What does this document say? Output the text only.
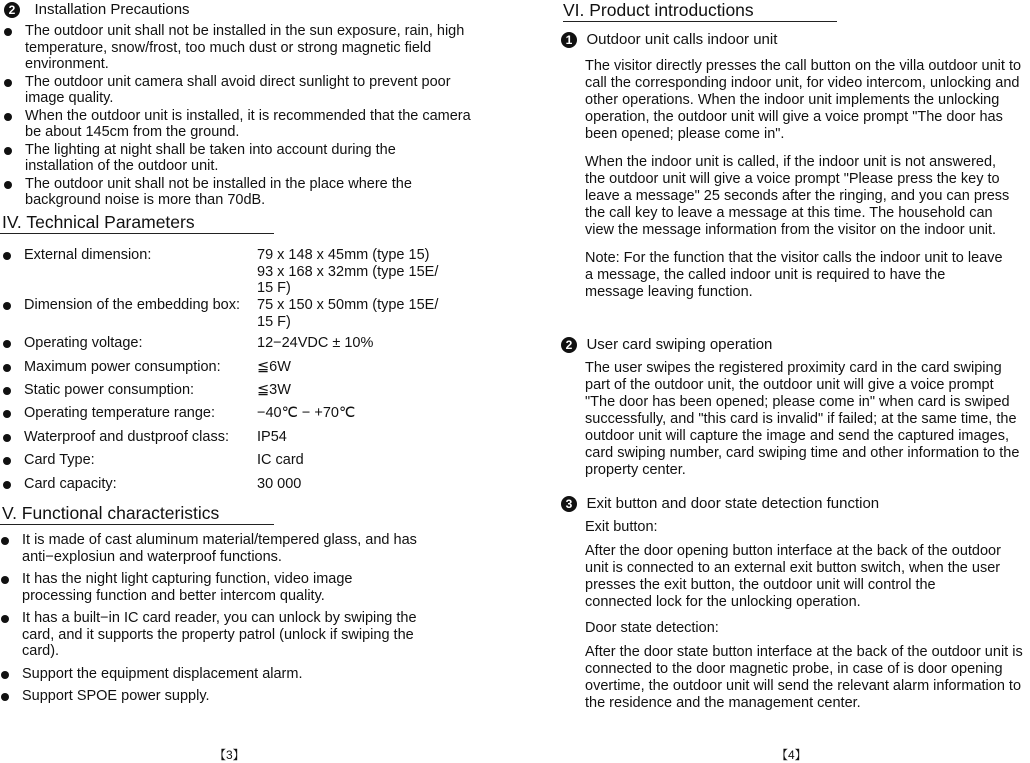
2 Installation Precautions
The outdoor unit shall not be installed in the sun exposure, rain, high temperature, snow/frost, too much dust or strong magnetic field environment.
The outdoor unit camera shall avoid direct sunlight to prevent poor image quality.
When the outdoor unit is installed, it is recommended that the camera be about 145cm from the ground.
The lighting at night shall be taken into account during the installation of the outdoor unit.
The outdoor unit shall not be installed in the place where the background noise is more than 70dB.
IV. Technical Parameters
External dimension:	79 x 148 x 45mm (type 15)
93 x 168 x 32mm (type 15E/
15 F)
Dimension of the embedding box: 75 x 150 x 50mm (type 15E/
15 F)
Operating voltage:	12−24VDC ± 10%
Maximum power consumption:	≦6W
Static power consumption:	≦3W
Operating temperature range:	−40℃ − +70℃
Waterproof and dustproof class: IP54
Card Type:	IC card
Card capacity:	30 000
V. Functional characteristics
It is made of cast aluminum material/tempered glass, and has anti−explosiun and waterproof functions.
It has the night light capturing function, video image processing function and better intercom quality.
It has a built−in IC card reader, you can unlock by swiping the card, and it supports the property patrol (unlock if swiping the card).
Support the equipment displacement alarm.
Support SPOE power supply.
【3】
VI. Product introductions
1 Outdoor unit calls indoor unit

The visitor directly presses the call button on the villa outdoor unit to call the corresponding indoor unit, for video intercom, unlocking and other operations. When the indoor unit implements the unlocking operation, the outdoor unit will give a voice prompt "The door has been opened; please come in".

When the indoor unit is called, if the indoor unit is not answered, the outdoor unit will give a voice prompt "Please press the key to leave a message" 25 seconds after the ringing, and you can press the call key to leave a message at this time. The household can view the message information from the visitor on the indoor unit.

Note: For the function that the visitor calls the indoor unit to leave a message, the called indoor unit is required to have the message leaving function.

2 User card swiping operation

The user swipes the registered proximity card in the card swiping part of the outdoor unit, the outdoor unit will give a voice prompt "The door has been opened; please come in" when card is swiped successfully, and "this card is invalid" if failed; at the same time, the outdoor unit will capture the image and send the captured images, card swiping number, card swiping time and other information to the property center.

3 Exit button and door state detection function

Exit button:

After the door opening button interface at the back of the outdoor unit is connected to an external exit button switch, when the user presses the exit button, the outdoor unit will control the connected lock for the unlocking operation.

Door state detection:

After the door state button interface at the back of the outdoor unit is connected to the door magnetic probe, in case of is door opening overtime, the outdoor unit will send the relevant alarm information to the residence and the management center.

【4】
